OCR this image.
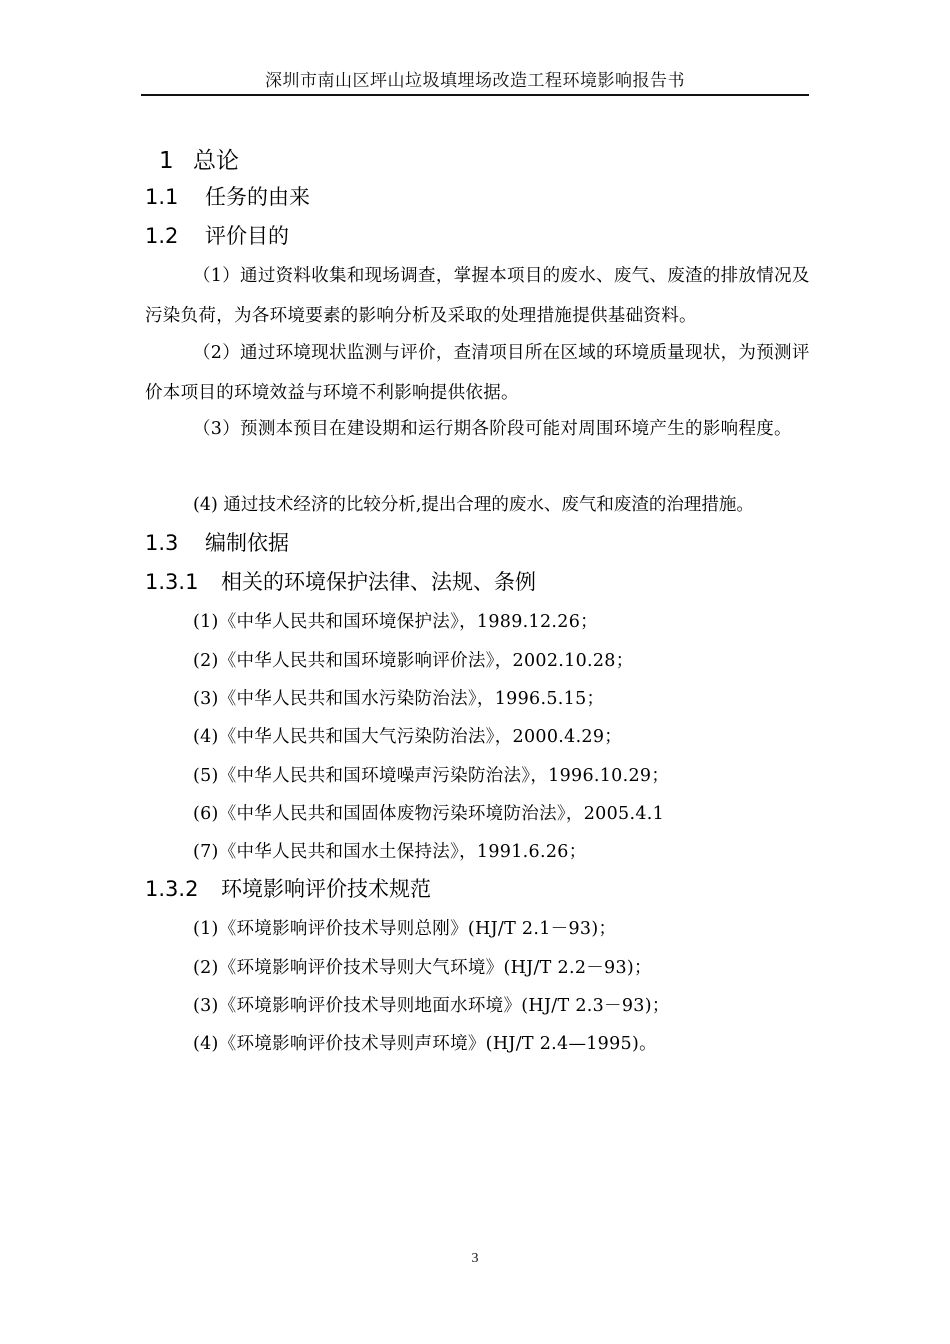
深圳市南山区坪山垃圾填埋场改造工程环境影响报告书
1 总论
1.1 任务的由来
1.2 评价目的

（1）通过资料收集和现场调查，掌握本项目的废水、废气、废渣的排放情况及污染负荷，为各环境要素的影响分析及采取的处理措施提供基础资料。

（2）通过环境现状监测与评价，查清项目所在区域的环境质量现状，为预测评价本项目的环境效益与环境不利影响提供依据。

（3）预测本预目在建设期和运行期各阶段可能对周围环境产生的影响程度。

(4) 通过技术经济的比较分析,提出合理的废水、废气和废渣的治理措施。

1.3 编制依据
1.3.1 相关的环境保护法律、法规、条例
(1)《中华人民共和国环境保护法》，1989.12.26；
(2)《中华人民共和国环境影响评价法》，2002.10.28；
(3)《中华人民共和国水污染防治法》，1996.5.15；
(4)《中华人民共和国大气污染防治法》，2000.4.29；
(5)《中华人民共和国环境噪声污染防治法》，1996.10.29；
(6)《中华人民共和国固体废物污染环境防治法》，2005.4.1
(7)《中华人民共和国水土保持法》，1991.6.26；
1.3.2 环境影响评价技术规范
(1)《环境影响评价技术导则总刚》(HJ/T 2.1－93)；
(2)《环境影响评价技术导则大气环境》(HJ/T 2.2－93)；
(3)《环境影响评价技术导则地面水环境》(HJ/T 2.3－93)；
(4)《环境影响评价技术导则声环境》(HJ/T 2.4—1995)。
3
